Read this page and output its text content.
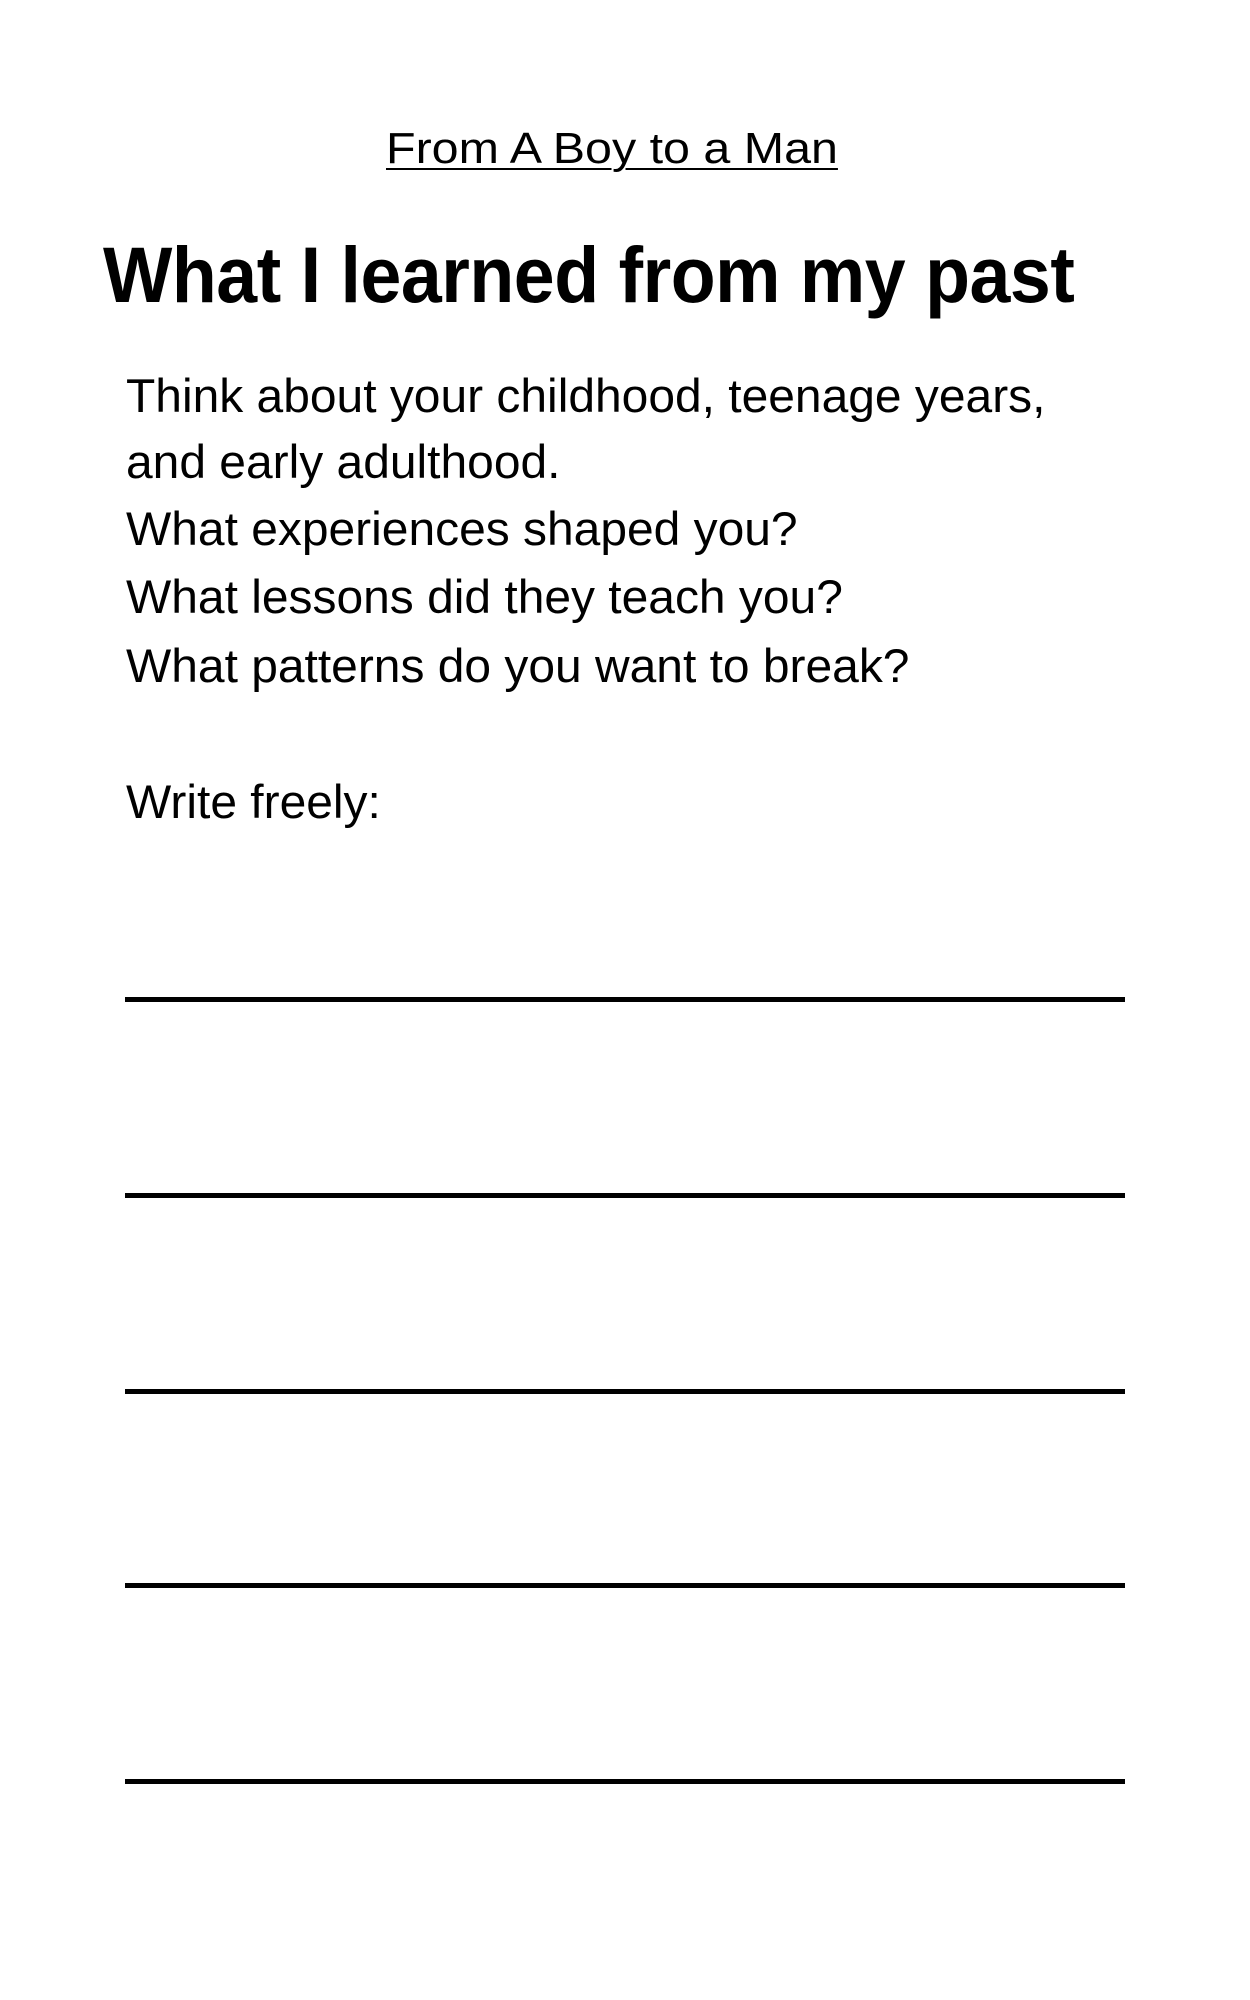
From A Boy to a Man
What I learned from my past

Think about your childhood, teenage years,

and early adulthood.

What experiences shaped you?

What lessons did they teach you?

What patterns do you want to break?

Write freely:
